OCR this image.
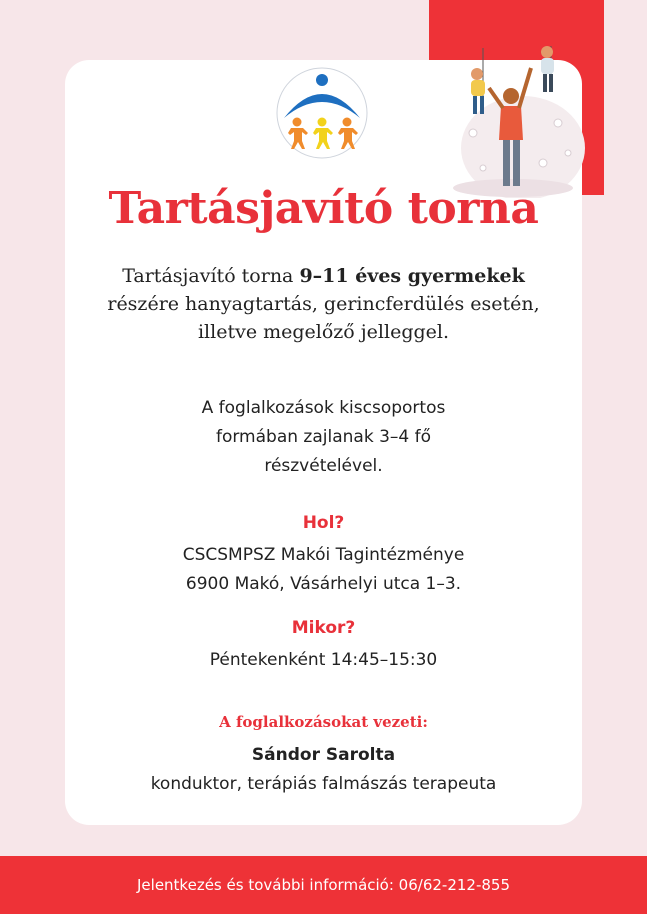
Tartásjavító torna
Tartásjavító torna 9–11 éves gyermekek
részére hanyagtartás, gerincferdülés esetén,
illetve megelőző jelleggel.
A foglalkozások kiscsoportos
formában zajlanak 3–4 fő
részvételével.
Hol?
CSCSMPSZ Makói Tagintézménye
6900 Makó, Vásárhelyi utca 1–3.
Mikor?
Péntekenként 14:45–15:30
A foglalkozásokat vezeti:
Sándor Sarolta
konduktor, terápiás falmászás terapeuta
Jelentkezés és további információ: 06/62-212-855
